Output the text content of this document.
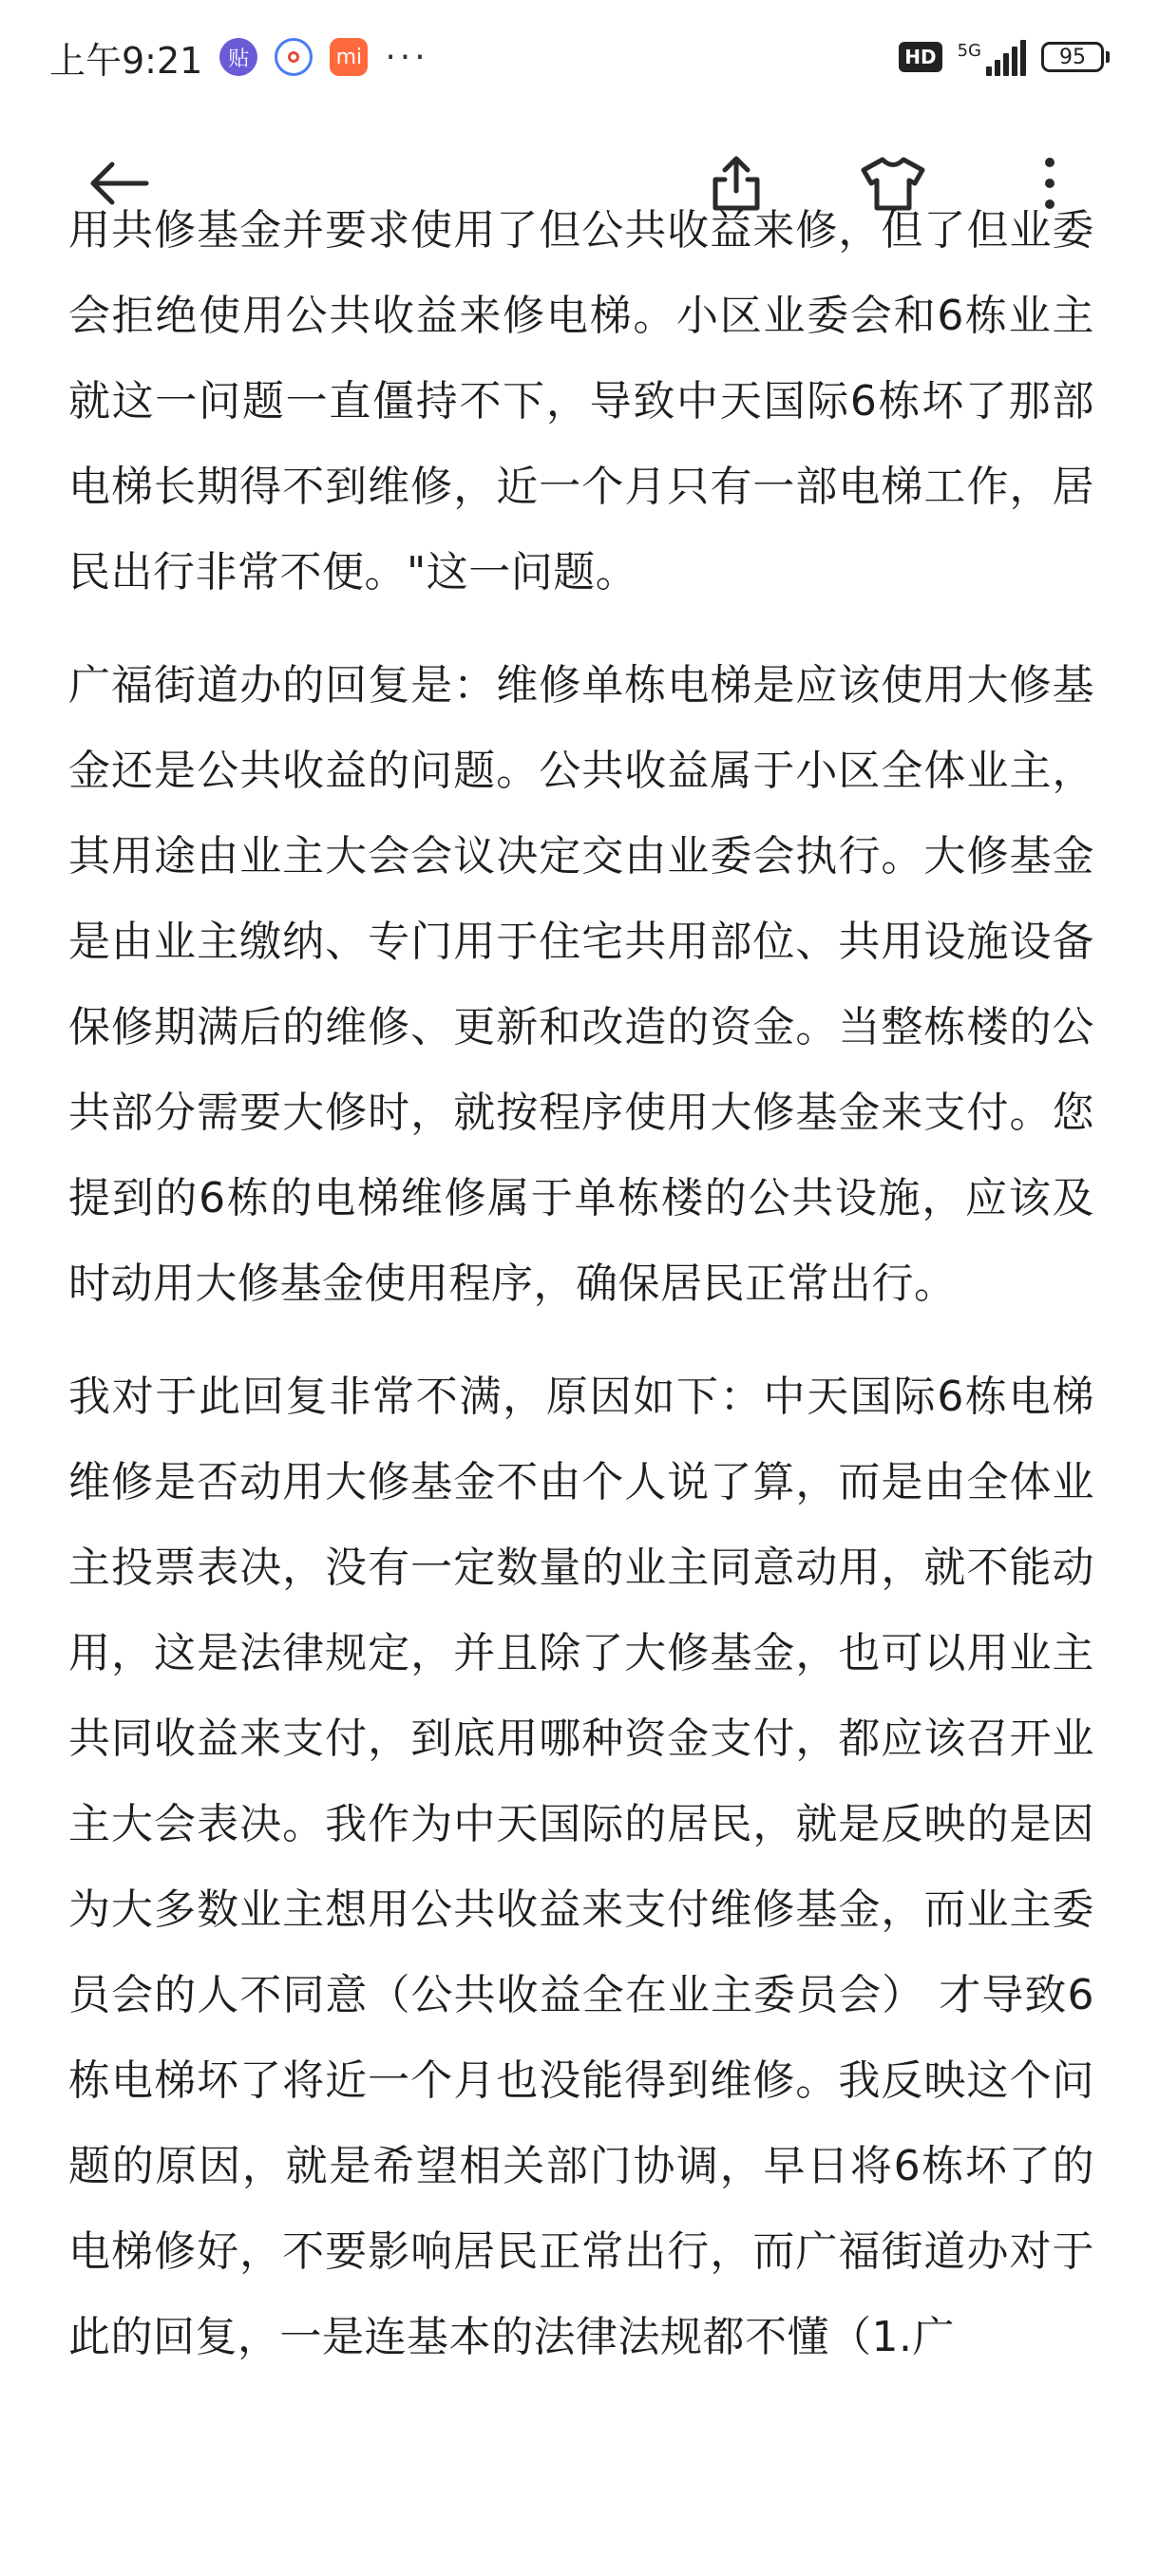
上午9:21	贴	mi ···	HD	5G	95

用共修基金并要求使用了但公共收益来修，但了但业委会拒绝使用公共收益来修电梯。小区业委会和6栋业主就这一问题一直僵持不下，导致中天国际6栋坏了那部电梯长期得不到维修，近一个月只有一部电梯工作，居民出行非常不便。"这一问题。

广福街道办的回复是：维修单栋电梯是应该使用大修基金还是公共收益的问题。公共收益属于小区全体业主，其用途由业主大会会议决定交由业委会执行。大修基金是由业主缴纳、专门用于住宅共用部位、共用设施设备保修期满后的维修、更新和改造的资金。当整栋楼的公共部分需要大修时，就按程序使用大修基金来支付。您提到的6栋的电梯维修属于单栋楼的公共设施，应该及时动用大修基金使用程序，确保居民正常出行。

我对于此回复非常不满，原因如下：中天国际6栋电梯维修是否动用大修基金不由个人说了算，而是由全体业主投票表决，没有一定数量的业主同意动用，就不能动用，这是法律规定，并且除了大修基金，也可以用业主共同收益来支付，到底用哪种资金支付，都应该召开业主大会表决。我作为中天国际的居民，就是反映的是因为大多数业主想用公共收益来支付维修基金，而业主委员会的人不同意（公共收益全在业主委员会） 才导致6栋电梯坏了将近一个月也没能得到维修。我反映这个问题的原因，就是希望相关部门协调，早日将6栋坏了的电梯修好，不要影响居民正常出行，而广福街道办对于此的回复，一是连基本的法律法规都不懂（1.广
